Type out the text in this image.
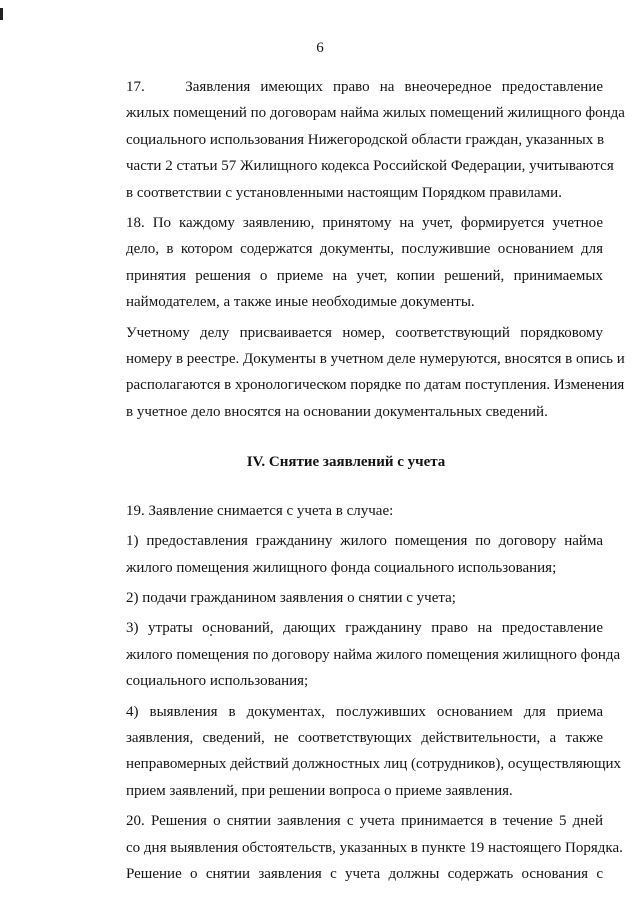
6

17.    Заявления имеющих право на внеочередное предоставление
жилых помещений по договорам найма жилых помещений жилищного фонда
социального использования Нижегородской области граждан, указанных в
части 2 статьи 57 Жилищного кодекса Российской Федерации, учитываются
в соответствии с установленными настоящим Порядком правилами.

18. По каждому заявлению, принятому на учет, формируется учетное
дело, в котором содержатся документы, послужившие основанием для
принятия решения о приеме на учет, копии решений, принимаемых
наймодателем, а также иные необходимые документы.

Учетному делу присваивается номер, соответствующий порядковому
номеру в реестре. Документы в учетном деле нумеруются, вносятся в опись и
располагаются в хронологическом порядке по датам поступления. Изменения
в учетное дело вносятся на основании документальных сведений.

IV. Снятие заявлений с учета

19. Заявление снимается с учета в случае:

1) предоставления гражданину жилого помещения по договору найма
жилого помещения жилищного фонда социального использования;

2) подачи гражданином заявления о снятии с учета;

3) утраты оснований, дающих гражданину право на предоставление
жилого помещения по договору найма жилого помещения жилищного фонда
социального использования;

4) выявления в документах, послуживших основанием для приема
заявления, сведений, не соответствующих действительности, а также
неправомерных действий должностных лиц (сотрудников), осуществляющих
прием заявлений, при решении вопроса о приеме заявления.

20. Решения о снятии заявления с учета принимается в течение 5 дней
со дня выявления обстоятельств, указанных в пункте 19 настоящего Порядка.
Решение о снятии заявления с учета должны содержать основания с
